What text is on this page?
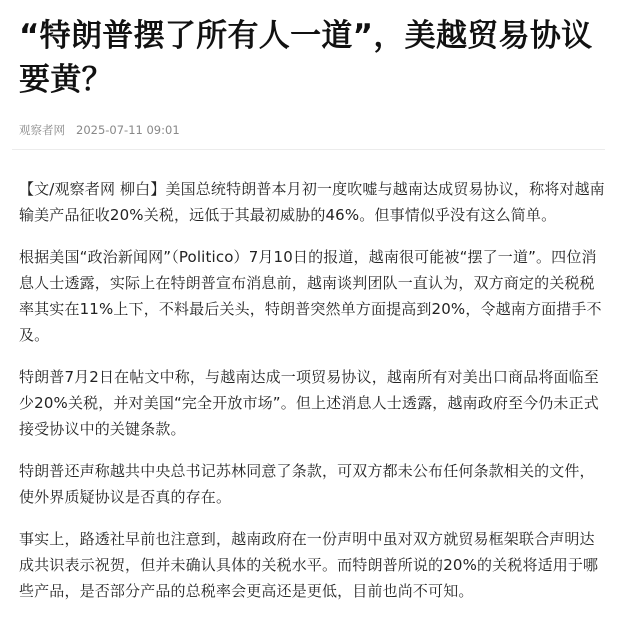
“特朗普摆了所有人一道”，美越贸易协议要黄？
观察者网 2025-07-11 09:01

【文/观察者网 柳白】美国总统特朗普本月初一度吹嘘与越南达成贸易协议，称将对越南输美产品征收20%关税，远低于其最初威胁的46%。但事情似乎没有这么简单。

根据美国“政治新闻网”（Politico）7月10日的报道，越南很可能被“摆了一道”。四位消息人士透露，实际上在特朗普宣布消息前，越南谈判团队一直认为，双方商定的关税税率其实在11%上下，不料最后关头，特朗普突然单方面提高到20%，令越南方面措手不及。

特朗普7月2日在帖文中称，与越南达成一项贸易协议，越南所有对美出口商品将面临至少20%关税，并对美国“完全开放市场”。但上述消息人士透露，越南政府至今仍未正式接受协议中的关键条款。

特朗普还声称越共中央总书记苏林同意了条款，可双方都未公布任何条款相关的文件，使外界质疑协议是否真的存在。

事实上，路透社早前也注意到，越南政府在一份声明中虽对双方就贸易框架联合声明达成共识表示祝贺，但并未确认具体的关税水平。而特朗普所说的20%的关税将适用于哪些产品，是否部分产品的总税率会更高还是更低，目前也尚不可知。
